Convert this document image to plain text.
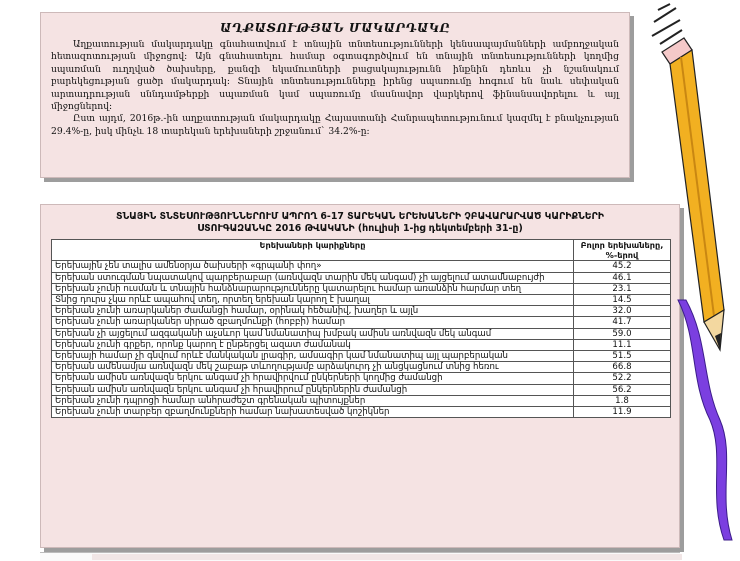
ԱՂՔԱՏՈՒԹՅԱՆ ՄԱԿԱՐԴԱԿԸ

Աղքատության մակարդակը գնահատվում է տնային տնտեսությունների կենսապայմանների ամբողջական հետազոտության միջոցով: Այն գնահատելու համար օգտագործվում են տնային տնտեսությունների կողմից սպառման ուղղված ծախսերը, քանզի եկամուտների բացակայությունն ինքնին դեռևս չի նշանակում բարեկեցության ցածր մակարդակ: Տնային տնտեսությունները իրենց սպառումը հոգում են նաև սեփական արտադրության սննդամթերքի սպառման կամ սպառումը մասնավոր վարկերով ֆինանսավորելու և այլ միջոցներով:

Ըստ այդմ, 2016թ.-ին աղքատության մակարդակը Հայաստանի Հանրապետությունում կազմել է բնակչության 29.4%-ը, իսկ մինչև 18 տարեկան երեխաների շրջանում` 34.2%-ը:

ՏՆԱՅԻՆ ՏՆՏԵՍՈՒԹՅՈՒՆՆԵՐՈՒՄ ԱՊՐՈՂ 6-17 ՏԱՐԵԿԱՆ ԵՐԵԽԱՆԵՐԻ ՉԲԱՎԱՐԱՐՎԱԾ ԿԱՐԻՔՆԵՐԻ
ՍՏՈՒԳԱԶԱՆԿԸ 2016 ԹՎԱԿԱՆԻ (հուլիսի 1-ից դեկտեմբերի 31-ը)
Երեխաների կարիքները	Բոլոր երեխաները, %-երով
Երեխային չեն տալիս ամենօրյա ծախսերի «գրպանի փող»	45.2
Երեխան ստուգման նպատակով պարբերաբար (առնվազն տարին մեկ անգամ) չի այցելում ատամնաբույժի	46.1
Երեխան չունի ուսման և տնային հանձնարարությունները կատարելու համար առանձին հարմար տեղ	23.1
Տնից դուրս չկա որևէ ապահով տեղ, որտեղ երեխան կարող է խաղալ	14.5
Երեխան չունի առարկաներ ժամանցի համար, օրինակ հեծանիվ, խաղեր և այլն	32.0
Երեխան չունի առարկաներ սիրած զբաղմունքի (հոբբի) համար	41.7
Երեխան չի այցելում ազգականի աչսևոր կամ նմանատիպ խմբակ ամիսն առնվազն մեկ անգամ	59.0
Երեխան չունի գրքեր, որոնք կարող է ընթերցել ազատ ժամանակ	11.1
Երեխայի համար չի գնվում որևէ մանկական լրագիր, ամսագիր կամ նմանատիպ այլ պարբերական	51.5
Երեխան ամենամյա առնվազն մեկ շաբաթ տևողությամբ արձակուրդ չի անցկացնում տնից հեռու	66.8
Երեխան ամիսն առնվազն երկու անգամ չի հրավիրվում ընկերների կողմից ժամանցի	52.2
Երեխան ամիսն առնվազն երկու անգամ չի հրավիրում ընկերներին ժամանցի	56.2
Երեխան չունի դպրոցի համար անհրաժեշտ գրենական պիտույքներ	1.8
Երեխան չունի տարբեր զբաղմունքների համար նախատեսված կոշիկներ	11.9
